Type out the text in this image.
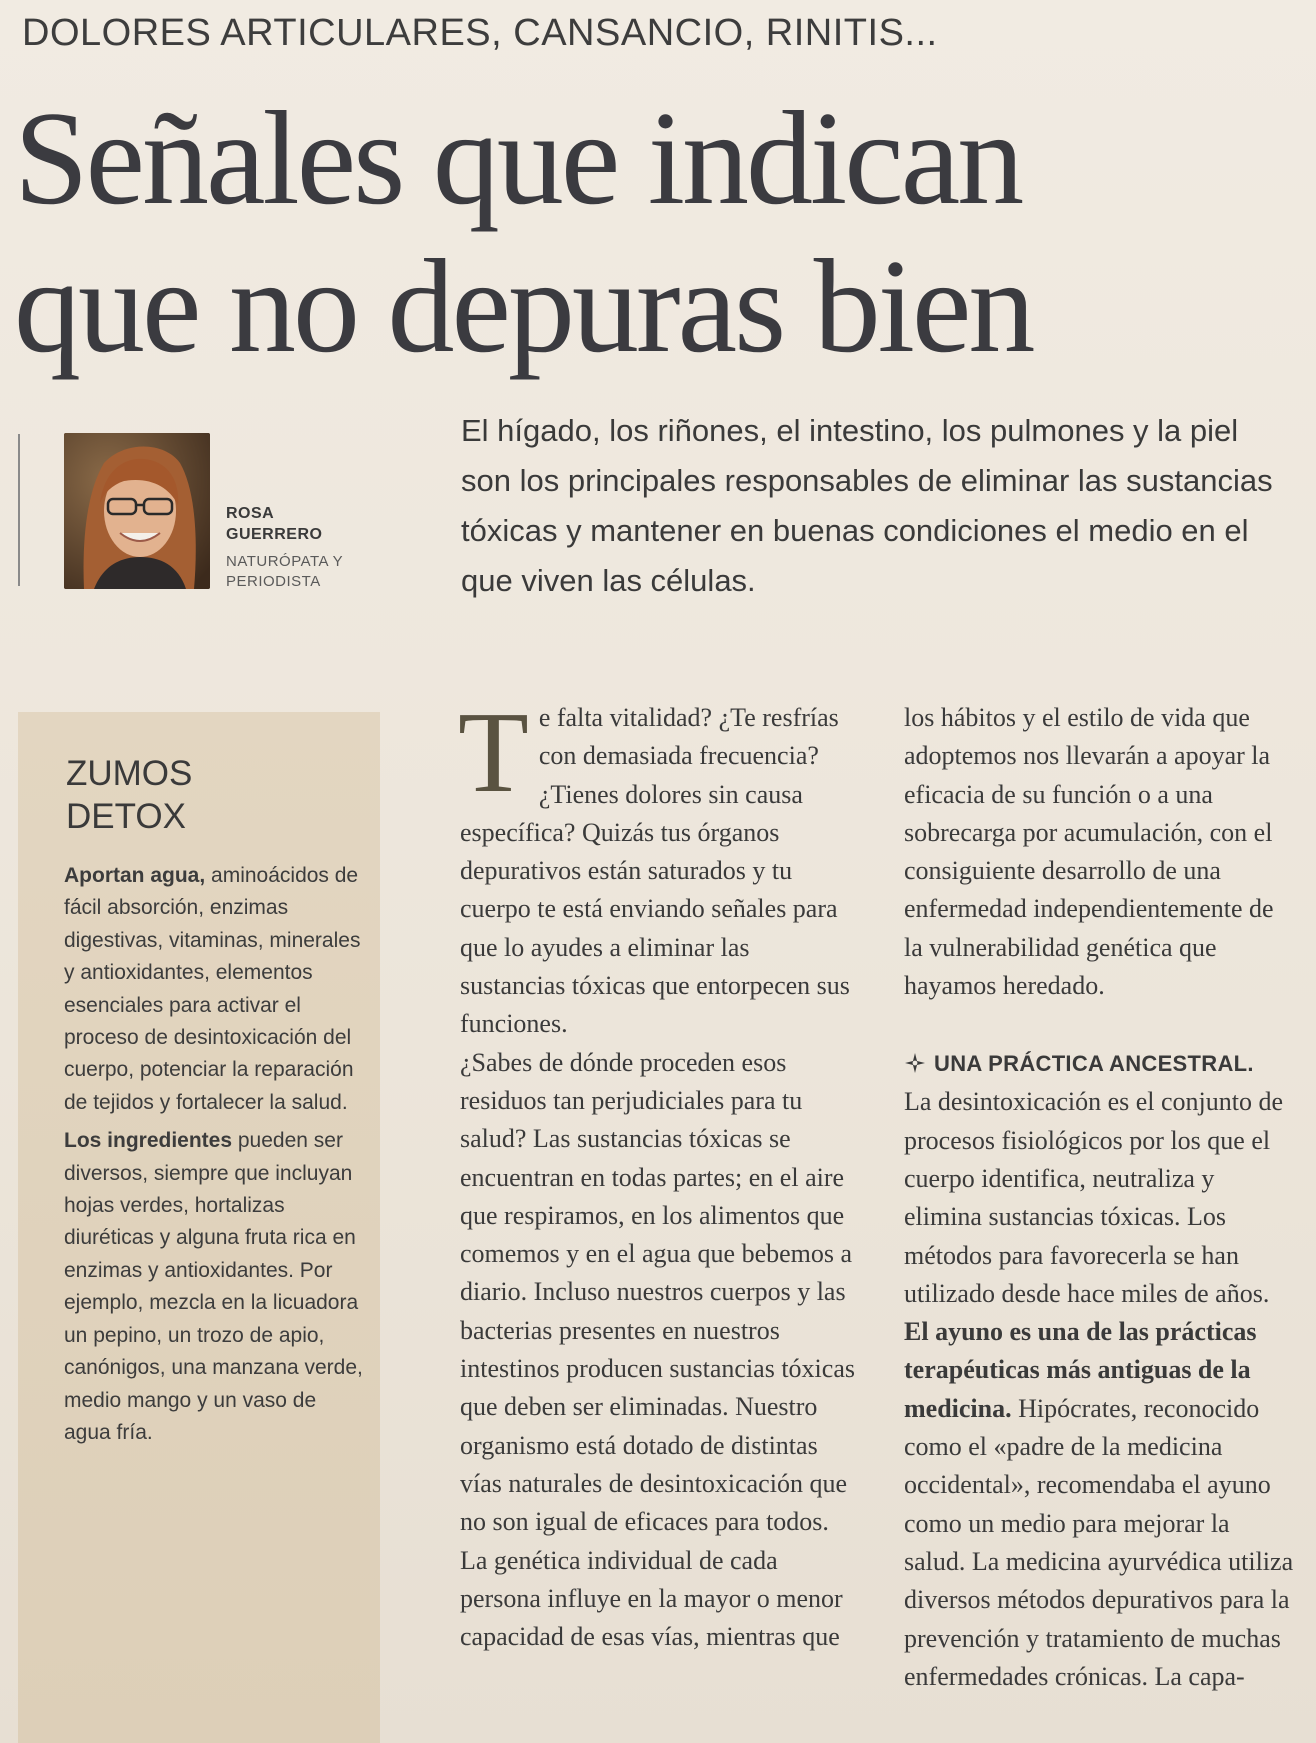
DOLORES ARTICULARES, CANSANCIO, RINITIS...
Señales que indican
que no depuras bien
ROSA
GUERRERO
NATURÓPATA Y
PERIODISTA
El hígado, los riñones, el intestino, los pulmones y la piel son los principales responsables de eliminar las sustancias tóxicas y mantener en buenas condiciones el medio en el que viven las células.
ZUMOS
DETOX

Aportan agua, aminoácidos de fácil absorción, enzimas digestivas, vitaminas, minerales y antioxidantes, elementos esenciales para activar el proceso de desintoxicación del cuerpo, potenciar la reparación de tejidos y fortalecer la salud.

Los ingredientes pueden ser diversos, siempre que incluyan hojas verdes, hortalizas diuréticas y alguna fruta rica en enzimas y antioxidantes. Por ejemplo, mezcla en la licuadora un pepino, un trozo de apio, canónigos, una manzana verde, medio mango y un vaso de agua fría.

T e falta vitalidad? ¿Te resfrías con demasiada frecuencia? ¿Tienes dolores sin causa específica? Quizás tus órganos depurativos están saturados y tu cuerpo te está enviando señales para que lo ayudes a eliminar las sustancias tóxicas que entorpecen sus funciones.

¿Sabes de dónde proceden esos residuos tan perjudiciales para tu salud? Las sustancias tóxicas se encuentran en todas partes; en el aire que respiramos, en los alimentos que comemos y en el agua que bebemos a diario. Incluso nuestros cuerpos y las bacterias presentes en nuestros intestinos producen sustancias tóxicas que deben ser eliminadas. Nuestro organismo está dotado de distintas vías naturales de desintoxicación que no son igual de eficaces para todos. La genética individual de cada persona influye en la mayor o menor capacidad de esas vías, mientras que

los hábitos y el estilo de vida que adoptemos nos llevarán a apoyar la eficacia de su función o a una sobrecarga por acumulación, con el consiguiente desarrollo de una enfermedad independientemente de la vulnerabilidad genética que hayamos heredado.

UNA PRÁCTICA ANCESTRAL.

La desintoxicación es el conjunto de procesos fisiológicos por los que el cuerpo identifica, neutraliza y elimina sustancias tóxicas. Los métodos para favorecerla se han utilizado desde hace miles de años. El ayuno es una de las prácticas terapéuticas más antiguas de la medicina. Hipócrates, reconocido como el «padre de la medicina occidental», recomendaba el ayuno como un medio para mejorar la salud. La medicina ayurvédica utiliza diversos métodos depurativos para la prevención y tratamiento de muchas enfermedades crónicas. La capa-
